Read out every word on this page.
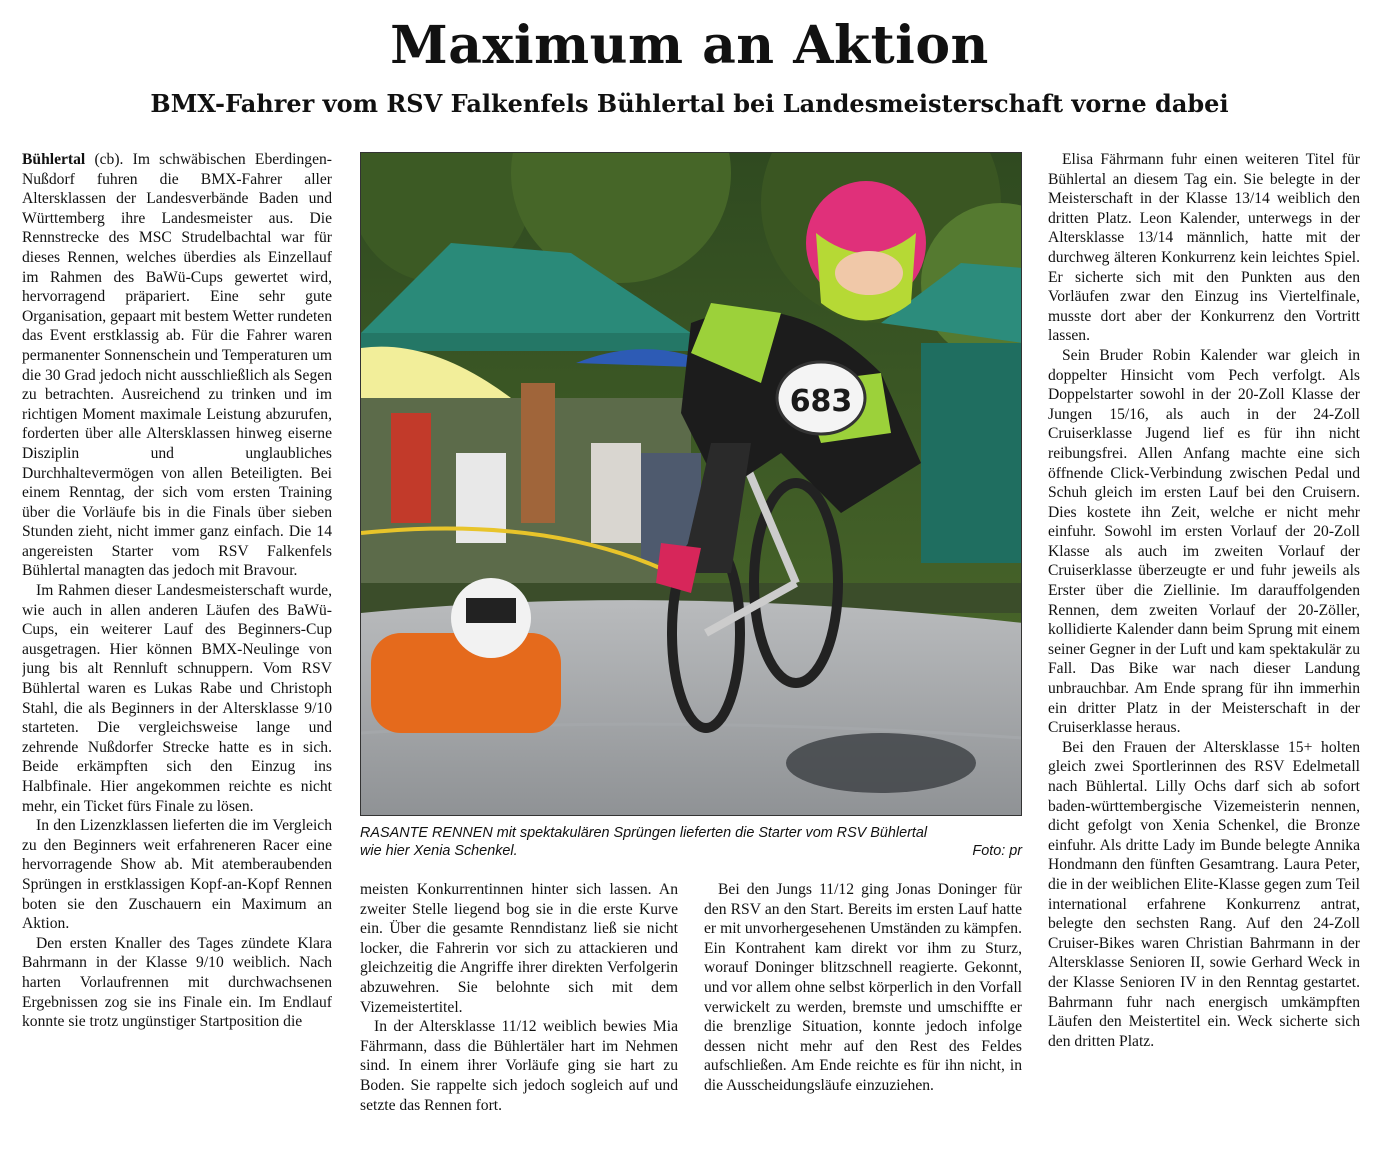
Maximum an Aktion
BMX-Fahrer vom RSV Falkenfels Bühlertal bei Landesmeisterschaft vorne dabei

Bühlertal (cb). Im schwäbischen Eberdingen-Nußdorf fuhren die BMX-Fahrer aller Altersklassen der Landesverbände Baden und Württemberg ihre Landesmeister aus. Die Rennstrecke des MSC Strudelbachtal war für dieses Rennen, welches überdies als Einzellauf im Rahmen des BaWü-Cups gewertet wird, hervorragend präpariert. Eine sehr gute Organisation, gepaart mit bestem Wetter rundeten das Event erstklassig ab. Für die Fahrer waren permanenter Sonnenschein und Temperaturen um die 30 Grad jedoch nicht ausschließlich als Segen zu betrachten. Ausreichend zu trinken und im richtigen Moment maximale Leistung abzurufen, forderten über alle Altersklassen hinweg eiserne Disziplin und unglaubliches Durchhaltevermögen von allen Beteiligten. Bei einem Renntag, der sich vom ersten Training über die Vorläufe bis in die Finals über sieben Stunden zieht, nicht immer ganz einfach. Die 14 angereisten Starter vom RSV Falkenfels Bühlertal managten das jedoch mit Bravour.

Im Rahmen dieser Landesmeisterschaft wurde, wie auch in allen anderen Läufen des BaWü-Cups, ein weiterer Lauf des Beginners-Cup ausgetragen. Hier können BMX-Neulinge von jung bis alt Rennluft schnuppern. Vom RSV Bühlertal waren es Lukas Rabe und Christoph Stahl, die als Beginners in der Altersklasse 9/10 starteten. Die vergleichsweise lange und zehrende Nußdorfer Strecke hatte es in sich. Beide erkämpften sich den Einzug ins Halbfinale. Hier angekommen reichte es nicht mehr, ein Ticket fürs Finale zu lösen.

In den Lizenzklassen lieferten die im Vergleich zu den Beginners weit erfahreneren Racer eine hervorragende Show ab. Mit atemberaubenden Sprüngen in erstklassigen Kopf-an-Kopf Rennen boten sie den Zuschauern ein Maximum an Aktion.

Den ersten Knaller des Tages zündete Klara Bahrmann in der Klasse 9/10 weiblich. Nach harten Vorlaufrennen mit durchwachsenen Ergebnissen zog sie ins Finale ein. Im Endlauf konnte sie trotz ungünstiger Startposition die

683
RASANTE RENNEN mit spektakulären Sprüngen lieferten die Starter vom RSV Bühlertal
wie hier Xenia Schenkel.	Foto: pr

meisten Konkurrentinnen hinter sich lassen. An zweiter Stelle liegend bog sie in die erste Kurve ein. Über die gesamte Renndistanz ließ sie nicht locker, die Fahrerin vor sich zu attackieren und gleichzeitig die Angriffe ihrer direkten Verfolgerin abzuwehren. Sie belohnte sich mit dem Vizemeistertitel.

In der Altersklasse 11/12 weiblich bewies Mia Fährmann, dass die Bühlertäler hart im Nehmen sind. In einem ihrer Vorläufe ging sie hart zu Boden. Sie rappelte sich jedoch sogleich auf und setzte das Rennen fort.

Bei den Jungs 11/12 ging Jonas Doninger für den RSV an den Start. Bereits im ersten Lauf hatte er mit unvorhergesehenen Umständen zu kämpfen. Ein Kontrahent kam direkt vor ihm zu Sturz, worauf Doninger blitzschnell reagierte. Gekonnt, und vor allem ohne selbst körperlich in den Vorfall verwickelt zu werden, bremste und umschiffte er die brenzlige Situation, konnte jedoch infolge dessen nicht mehr auf den Rest des Feldes aufschließen. Am Ende reichte es für ihn nicht, in die Ausscheidungsläufe einzuziehen.

Elisa Fährmann fuhr einen weiteren Titel für Bühlertal an diesem Tag ein. Sie belegte in der Meisterschaft in der Klasse 13/14 weiblich den dritten Platz. Leon Kalender, unterwegs in der Altersklasse 13/14 männlich, hatte mit der durchweg älteren Konkurrenz kein leichtes Spiel. Er sicherte sich mit den Punkten aus den Vorläufen zwar den Einzug ins Viertelfinale, musste dort aber der Konkurrenz den Vortritt lassen.

Sein Bruder Robin Kalender war gleich in doppelter Hinsicht vom Pech verfolgt. Als Doppelstarter sowohl in der 20-Zoll Klasse der Jungen 15/16, als auch in der 24-Zoll Cruiserklasse Jugend lief es für ihn nicht reibungsfrei. Allen Anfang machte eine sich öffnende Click-Verbindung zwischen Pedal und Schuh gleich im ersten Lauf bei den Cruisern. Dies kostete ihn Zeit, welche er nicht mehr einfuhr. Sowohl im ersten Vorlauf der 20-Zoll Klasse als auch im zweiten Vorlauf der Cruiserklasse überzeugte er und fuhr jeweils als Erster über die Ziellinie. Im darauffolgenden Rennen, dem zweiten Vorlauf der 20-Zöller, kollidierte Kalender dann beim Sprung mit einem seiner Gegner in der Luft und kam spektakulär zu Fall. Das Bike war nach dieser Landung unbrauchbar. Am Ende sprang für ihn immerhin ein dritter Platz in der Meisterschaft in der Cruiserklasse heraus.

Bei den Frauen der Altersklasse 15+ holten gleich zwei Sportlerinnen des RSV Edelmetall nach Bühlertal. Lilly Ochs darf sich ab sofort baden-württembergische Vizemeisterin nennen, dicht gefolgt von Xenia Schenkel, die Bronze einfuhr. Als dritte Lady im Bunde belegte Annika Hondmann den fünften Gesamtrang. Laura Peter, die in der weiblichen Elite-Klasse gegen zum Teil international erfahrene Konkurrenz antrat, belegte den sechsten Rang. Auf den 24-Zoll Cruiser-Bikes waren Christian Bahrmann in der Altersklasse Senioren II, sowie Gerhard Weck in der Klasse Senioren IV in den Renntag gestartet. Bahrmann fuhr nach energisch umkämpften Läufen den Meistertitel ein. Weck sicherte sich den dritten Platz.
